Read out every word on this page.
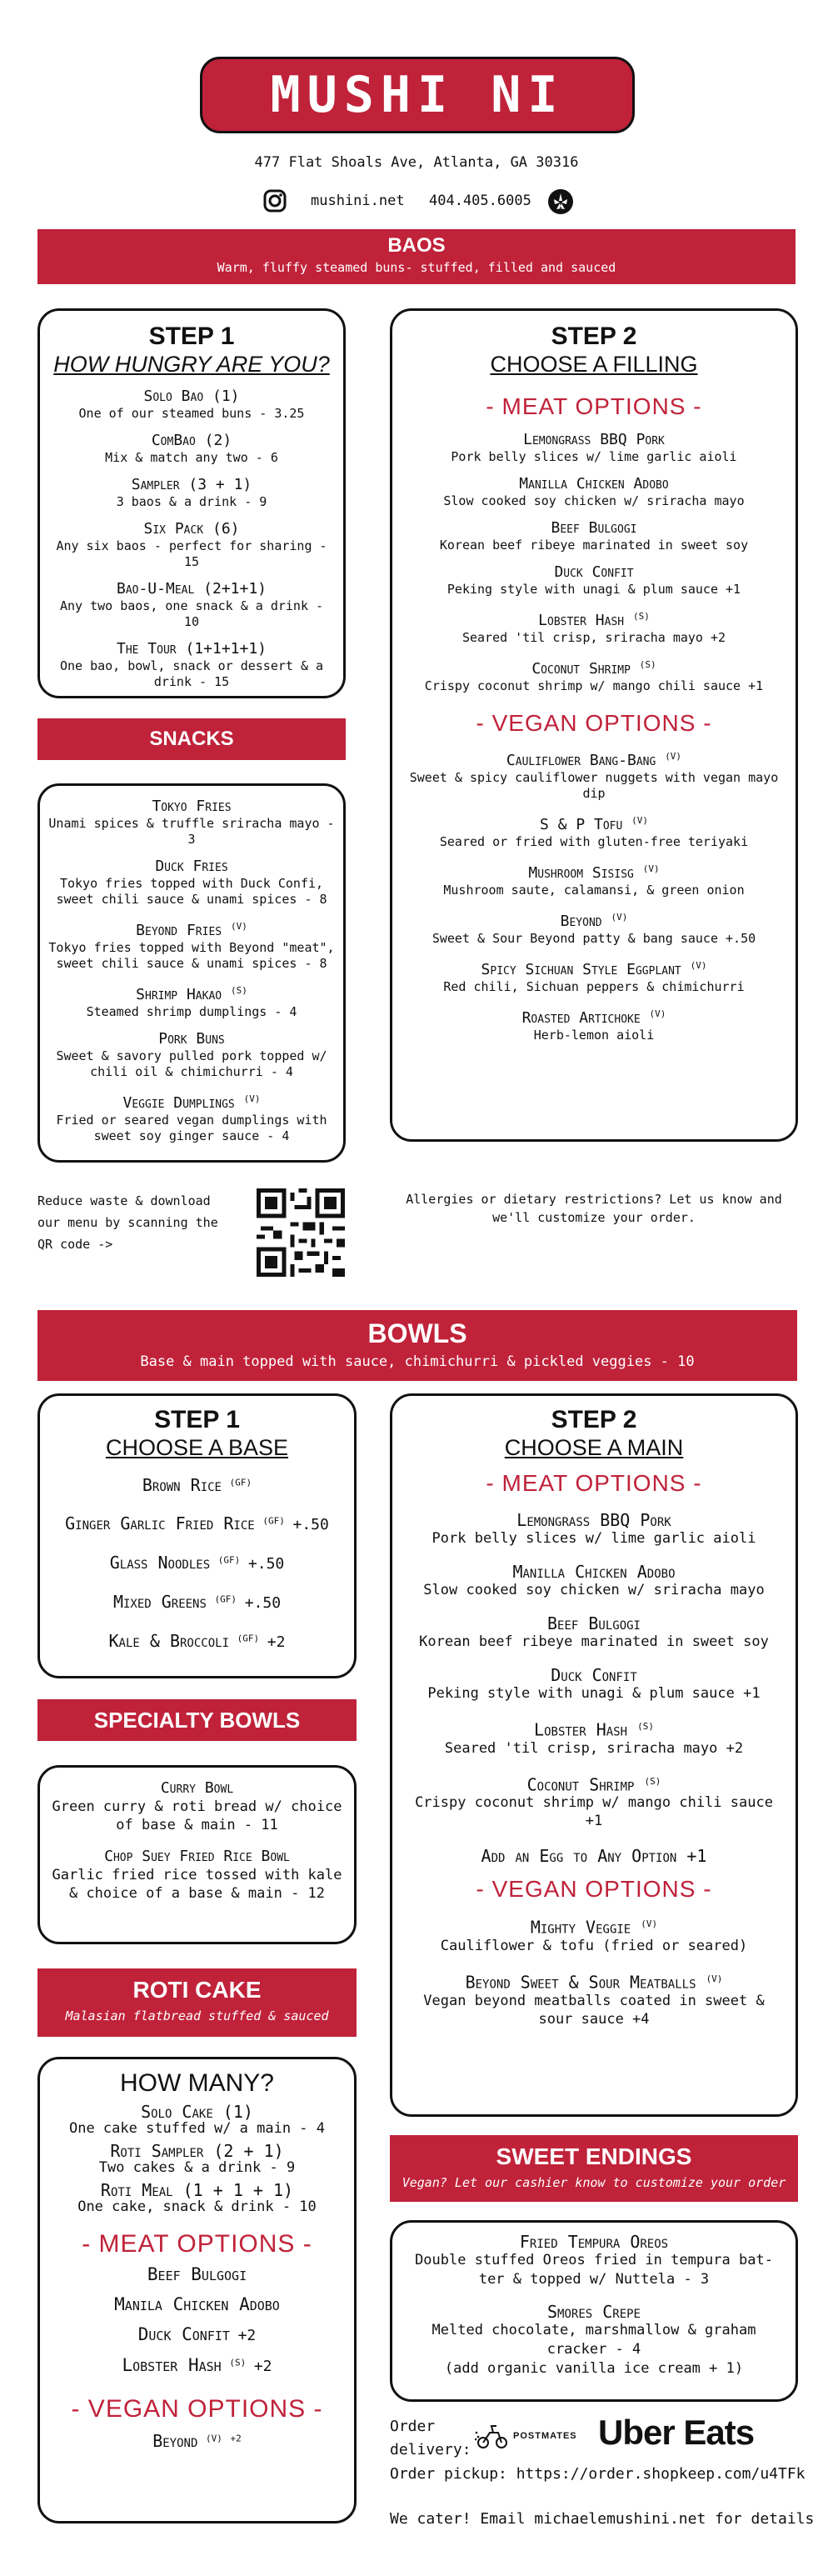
MUSHI NI
477 Flat Shoals Ave, Atlanta, GA 30316
mushini.net 404.405.6005
BAOS
Warm, fluffy steamed buns- stuffed, filled and sauced
STEP 1
HOW HUNGRY ARE YOU?
Solo Bao (1)
One of our steamed buns - 3.25
ComBao (2)
Mix & match any two - 6
Sampler (3 + 1)
3 baos & a drink - 9
Six Pack (6)
Any six baos - perfect for sharing - 15
Bao-U-Meal (2+1+1)
Any two baos, one snack & a drink - 10
The Tour (1+1+1+1)
One bao, bowl, snack or dessert & a drink - 15
SNACKS
Tokyo Fries
Unami spices & truffle sriracha mayo - 3
Duck Fries
Tokyo fries topped with Duck Confi, sweet chili sauce & unami spices - 8
Beyond Fries $^{(V)}$
Tokyo fries topped with Beyond "meat", sweet chili sauce & unami spices - 8
Shrimp Hakao $^{(S)}$
Steamed shrimp dumplings - 4
Pork Buns
Sweet & savory pulled pork topped w/ chili oil & chimichurri - 4
Veggie Dumplings $^{(V)}$
Fried or seared vegan dumplings with sweet soy ginger sauce - 4
STEP 2
CHOOSE A FILLING
- MEAT OPTIONS -
Lemongrass BBQ Pork
Pork belly slices w/ lime garlic aioli
Manilla Chicken Adobo
Slow cooked soy chicken w/ sriracha mayo
Beef Bulgogi
Korean beef ribeye marinated in sweet soy
Duck Confit
Peking style with unagi & plum sauce +1
Lobster Hash $^{(S)}$
Seared 'til crisp, sriracha mayo +2
Coconut Shrimp $^{(S)}$
Crispy coconut shrimp w/ mango chili sauce +1
- VEGAN OPTIONS -
Cauliflower Bang-Bang $^{(V)}$
Sweet & spicy cauliflower nuggets with vegan mayo dip
S & P Tofu $^{(V)}$
Seared or fried with gluten-free teriyaki
Mushroom Sisisg $^{(V)}$
Mushroom saute, calamansi, & green onion
Beyond $^{(V)}$
Sweet & Sour Beyond patty & bang sauce +.50
Spicy Sichuan Style Eggplant $^{(V)}$
Red chili, Sichuan peppers & chimichurri
Roasted Artichoke $^{(V)}$
Herb-lemon aioli
Reduce waste & download our menu by scanning the QR code ->
Allergies or dietary restrictions? Let us know and we'll customize your order.
BOWLS
Base & main topped with sauce, chimichurri & pickled veggies - 10
STEP 1
CHOOSE A BASE
Brown Rice $^{(GF)}$
Ginger Garlic Fried Rice $^{(GF)}$ +.50
Glass Noodles $^{(GF)}$ +.50
Mixed Greens $^{(GF)}$ +.50
Kale & Broccoli $^{(GF)}$ +2
SPECIALTY BOWLS
Curry Bowl
Green curry & roti bread w/ choice of base & main - 11
Chop Suey Fried Rice Bowl
Garlic fried rice tossed with kale & choice of a base & main - 12
ROTI CAKE
Malasian flatbread stuffed & sauced
HOW MANY?
Solo Cake (1)
One cake stuffed w/ a main - 4
Roti Sampler (2 + 1)
Two cakes & a drink - 9
Roti Meal (1 + 1 + 1)
One cake, snack & drink - 10
- MEAT OPTIONS -
Beef Bulgogi
Manila Chicken Adobo
Duck Confit +2
Lobster Hash $^{(S)}$ +2
- VEGAN OPTIONS -
Beyond $^{(V)}$ $^{+2}$
STEP 2
CHOOSE A MAIN
- MEAT OPTIONS -
Lemongrass BBQ Pork
Pork belly slices w/ lime garlic aioli
Manilla Chicken Adobo
Slow cooked soy chicken w/ sriracha mayo
Beef Bulgogi
Korean beef ribeye marinated in sweet soy
Duck Confit
Peking style with unagi & plum sauce +1
Lobster Hash $^{(S)}$
Seared 'til crisp, sriracha mayo +2
Coconut Shrimp $^{(S)}$
Crispy coconut shrimp w/ mango chili sauce +1
Add an Egg to Any Option +1
- VEGAN OPTIONS -
Mighty Veggie $^{(V)}$
Cauliflower & tofu (fried or seared)
Beyond Sweet & Sour Meatballs $^{(V)}$
Vegan beyond meatballs coated in sweet & sour sauce +4
SWEET ENDINGS
Vegan? Let our cashier know to customize your order
Fried Tempura Oreos
Double stuffed Oreos fried in tempura bat-ter & topped w/ Nuttela - 3
Smores Crepe
Melted chocolate, marshmallow & graham cracker - 4
(add organic vanilla ice cream + 1)
Order delivery:
POSTMATES Uber Eats
Order pickup: https://order.shopkeep.com/u4TFk
We cater! Email michaelemushini.net for details
